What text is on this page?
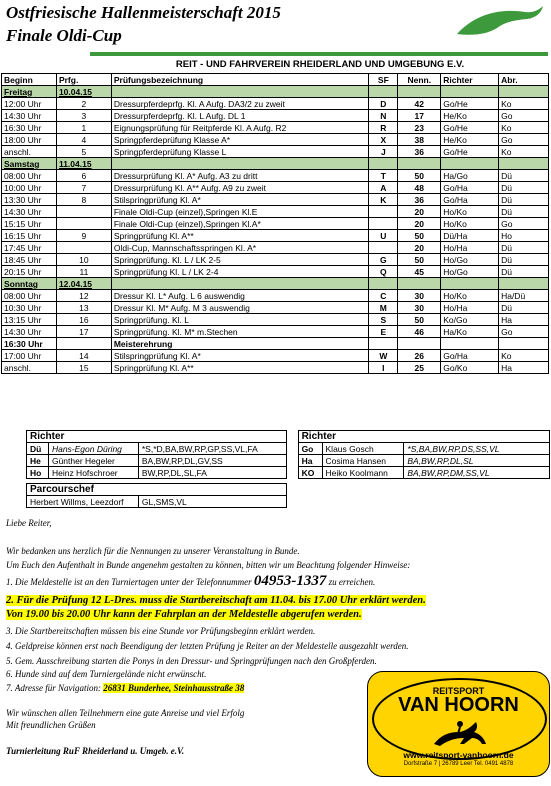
Ostfriesische Hallenmeisterschaft 2015
Finale Oldi-Cup
REIT - UND FAHRVEREIN RHEIDERLAND UND UMGEBUNG E.V.
Beginn	Prfg.	Prüfungsbezeichnung	SF	Nenn.	Richter	Abr.
Freitag	10.04.15					
12:00 Uhr	2	Dressurpferdeprfg. Kl. A Aufg. DA3/2 zu zweit	D	42	Go/He	Ko
14:30 Uhr	3	Dressurpferdeprfg. Kl. L Aufg. DL 1	N	17	He/Ko	Go
16:30 Uhr	1	Eignungsprüfung für Reitpferde Kl. A Aufg. R2	R	23	Go/He	Ko
18:00 Uhr	4	Springpferdeprüfung Klasse A*	X	38	He/Ko	Go
anschl.	5	Springpferdeprüfung Klasse L	J	36	Go/He	Ko
Samstag	11.04.15					
08:00 Uhr	6	Dressurprüfung Kl. A* Aufg. A3 zu dritt	T	50	Ha/Go	Dü
10:00 Uhr	7	Dressurprüfung Kl. A** Aufg. A9 zu zweit	A	48	Go/Ha	Dü
13:30 Uhr	8	Stilspringprüfung Kl. A*	K	36	Go/Ha	Dü
14:30 Uhr		Finale Oldi-Cup (einzel),Springen Kl.E		20	Ho/Ko	Dü
15:15 Uhr		Finale Oldi-Cup (einzel),Springen Kl.A*		20	Ho/Ko	Go
16:15 Uhr	9	Springprüfung Kl. A**	U	50	Dü/Ha	Ho
17:45 Uhr		Oldi-Cup, Mannschaftsspringen Kl. A*		20	Ho/Ha	Dü
18:45 Uhr	10	Springprüfung. Kl. L / LK 2-5	G	50	Ho/Go	Dü
20:15 Uhr	11	Springprüfung Kl. L / LK 2-4	Q	45	Ho/Go	Dü
Sonntag	12.04.15					
08:00 Uhr	12	Dressur Kl. L* Aufg. L 6 auswendig	C	30	Ho/Ko	Ha/Dü
10:30 Uhr	13	Dressur Kl. M* Aufg. M 3 auswendig	M	30	Ho/Ha	Dü
13:15 Uhr	16	Springprüfung. Kl. L	S	50	Ko/Go	Ha
14:30 Uhr	17	Springprüfung. Kl. M* m.Stechen	E	46	Ha/Ko	Go
16:30 Uhr		Meisterehrung				
17:00 Uhr	14	Stilspringprüfung Kl. A*	W	26	Go/Ha	Ko
anschl.	15	Springprüfung Kl. A**	I	25	Go/Ko	Ha
Richter				Richter		
Dü	Hans-Egon Düring	*S,*D,BA,BW,RP,GP,SS,VL,FA		Go	Klaus Gosch	*S,BA,BW,RP,DS,SS,VL
He	Günther Hegeler	BA,BW,RP,DL,GV,SS		Ha	Cosima Hansen	BA,BW,RP,DL,SL
Ho	Heinz Hofschroer	BW,RP,DL,SL,FA		KO	Heiko Koolmann	BA,BW,RP,DM,SS,VL

Parcourschef						
Herbert Willms, Leezdorf		GL,SMS,VL				
Liebe Reiter,
Wir bedanken uns herzlich für die Nennungen zu unserer Veranstaltung in Bunde.
Um Euch den Aufenthalt in Bunde angenehm gestalten zu können, bitten wir um Beachtung folgender Hinweise:
1. Die Meldestelle ist an den Turniertagen unter der Telefonnummer 04953-1337 zu erreichen.
2. Für die Prüfung 12 L-Dres. muss die Startbereitschaft am 11.04. bis 17.00 Uhr erklärt werden.
Von 19.00 bis 20.00 Uhr kann der Fahrplan an der Meldestelle abgerufen werden.
3. Die Startbereitschaften müssen bis eine Stunde vor Prüfungsbeginn erklärt werden.
4. Geldpreise können erst nach Beendigung der letzten Prüfung je Reiter an der Meldestelle ausgezahlt werden.
5. Gem. Ausschreibung starten die Ponys in den Dressur- und Springprüfungen nach den Großpferden.
6. Hunde sind auf dem Turniergelände nicht erwünscht.
7. Adresse für Navigation: 26831 Bunderhee, Steinhausstraße 38
Wir wünschen allen Teilnehmern eine gute Anreise und viel Erfolg
Mit freundlichen Grüßen
Turnierleitung RuF Rheiderland u. Umgeb. e.V.
REITSPORT
VAN HOORN
www.reitsport-vanhoorn.de
Dorfstraße 7 | 26789 Leer Tel. 0491 4878
